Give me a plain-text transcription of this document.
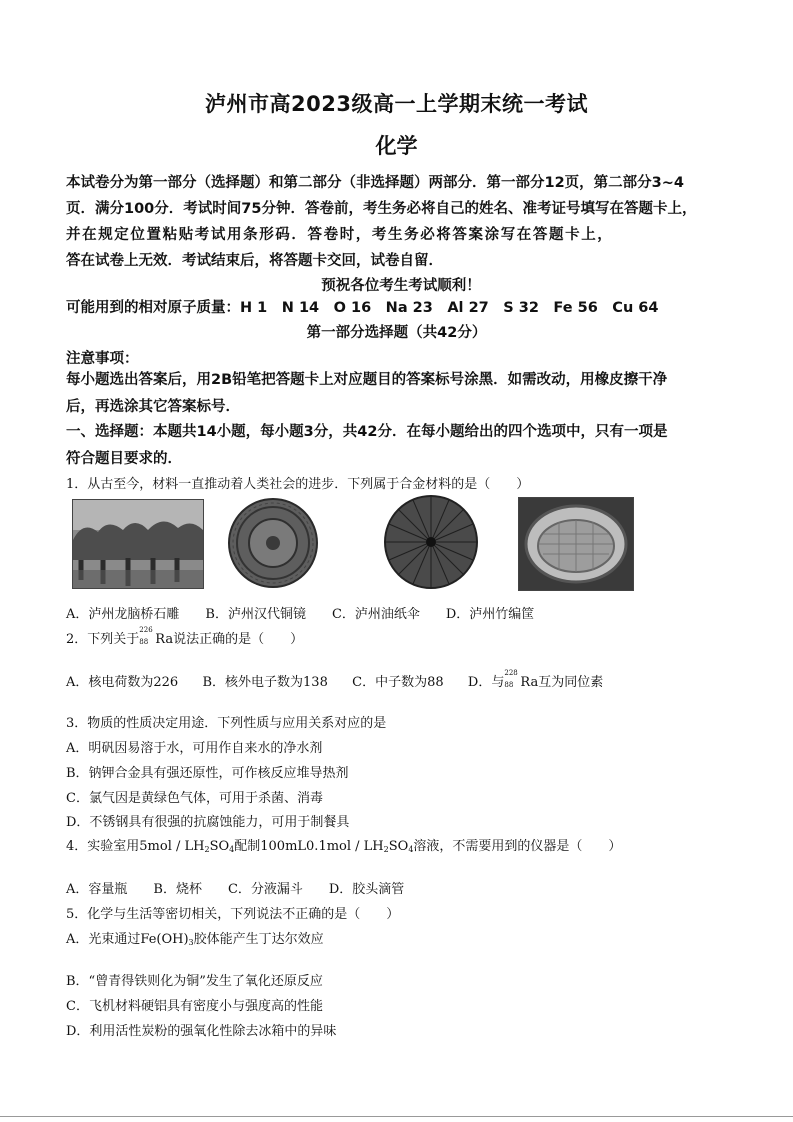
泸州市高2023级高一上学期末统一考试
化学
本试卷分为第一部分（选择题）和第二部分（非选择题）两部分．第一部分12页，第二部分3~4
页．满分100分．考试时间75分钟．答卷前，考生务必将自己的姓名、准考证号填写在答题卡上，
并在规定位置粘贴考试用条形码．答卷时，考生务必将答案涂写在答题卡上，
答在试卷上无效．考试结束后，将答题卡交回，试卷自留．
预祝各位考生考试顺利！
可能用到的相对原子质量：H 1　N 14　O 16　Na 23　Al 27　S 32　Fe 56　Cu 64
第一部分选择题（共42分）
注意事项：
每小题选出答案后，用2B铅笔把答题卡上对应题目的答案标号涂黑．如需改动，用橡皮擦干净
后，再选涂其它答案标号．
一、选择题：本题共14小题，每小题3分，共42分．在每小题给出的四个选项中，只有一项是
符合题目要求的．
1．从古至今，材料一直推动着人类社会的进步．下列属于合金材料的是（　　）
A．泸州龙脑桥石雕　　B．泸州汉代铜镜　　C．泸州油纸伞　　D．泸州竹编筐
2．下列关于
226
88 Ra说法正确的是（　　）
A．核电荷数为226 B．核外电子数为138 C．中子数为88 D．与
228
88 Ra互为同位素
3．物质的性质决定用途．下列性质与应用关系对应的是
A．明矾因易溶于水，可用作自来水的净水剂
B．钠钾合金具有强还原性，可作核反应堆导热剂
C．氯气因是黄绿色气体，可用于杀菌、消毒
D．不锈钢具有很强的抗腐蚀能力，可用于制餐具
4．实验室用$5mol / LH_2SO_4$配制$100mL0.1mol / LH_2SO_4$溶液，不需要用到的仪器是（　　）
A．容量瓶　　B．烧杯　　C．分液漏斗　　D．胶头滴管
5．化学与生活等密切相关，下列说法不正确的是（　　）
A．光束通过$Fe(OH)_3$胶体能产生丁达尔效应
B．“曾青得铁则化为铜”发生了氧化还原反应
C．飞机材料硬铝具有密度小与强度高的性能
D．利用活性炭粉的强氧化性除去冰箱中的异味
